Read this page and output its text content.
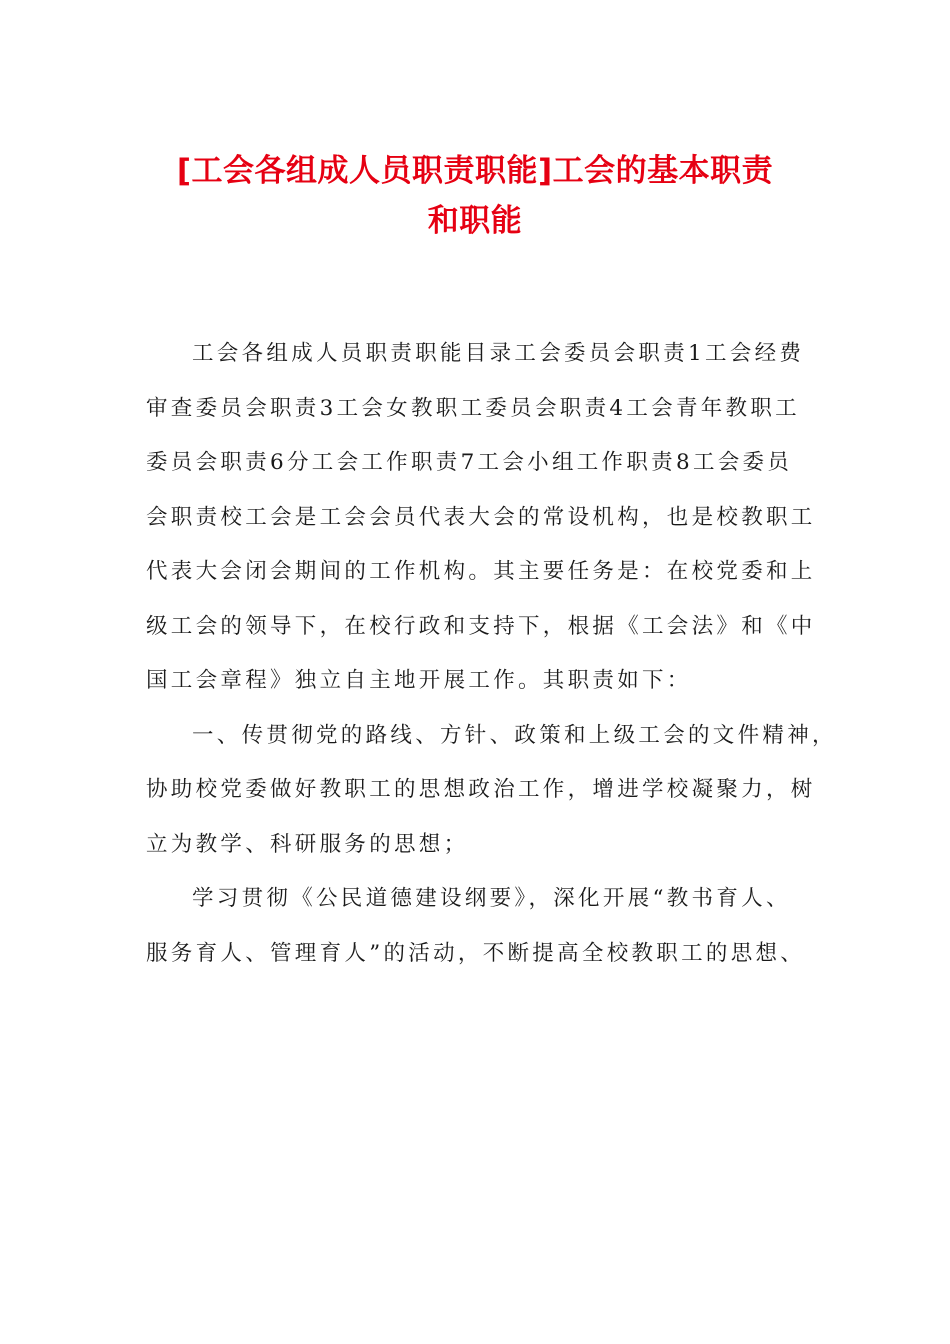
[工会各组成人员职责职能]工会的基本职责
和职能
工会各组成人员职责职能目录工会委员会职责1工会经费
审查委员会职责3工会女教职工委员会职责4工会青年教职工
委员会职责6分工会工作职责7工会小组工作职责8工会委员
会职责校工会是工会会员代表大会的常设机构，也是校教职工
代表大会闭会期间的工作机构。其主要任务是：在校党委和上
级工会的领导下，在校行政和支持下，根据《工会法》和《中
国工会章程》独立自主地开展工作。其职责如下：
一、传贯彻党的路线、方针、政策和上级工会的文件精神，
协助校党委做好教职工的思想政治工作，增进学校凝聚力，树
立为教学、科研服务的思想；
学习贯彻《公民道德建设纲要》，深化开展“教书育人、
服务育人、管理育人”的活动，不断提高全校教职工的思想、
